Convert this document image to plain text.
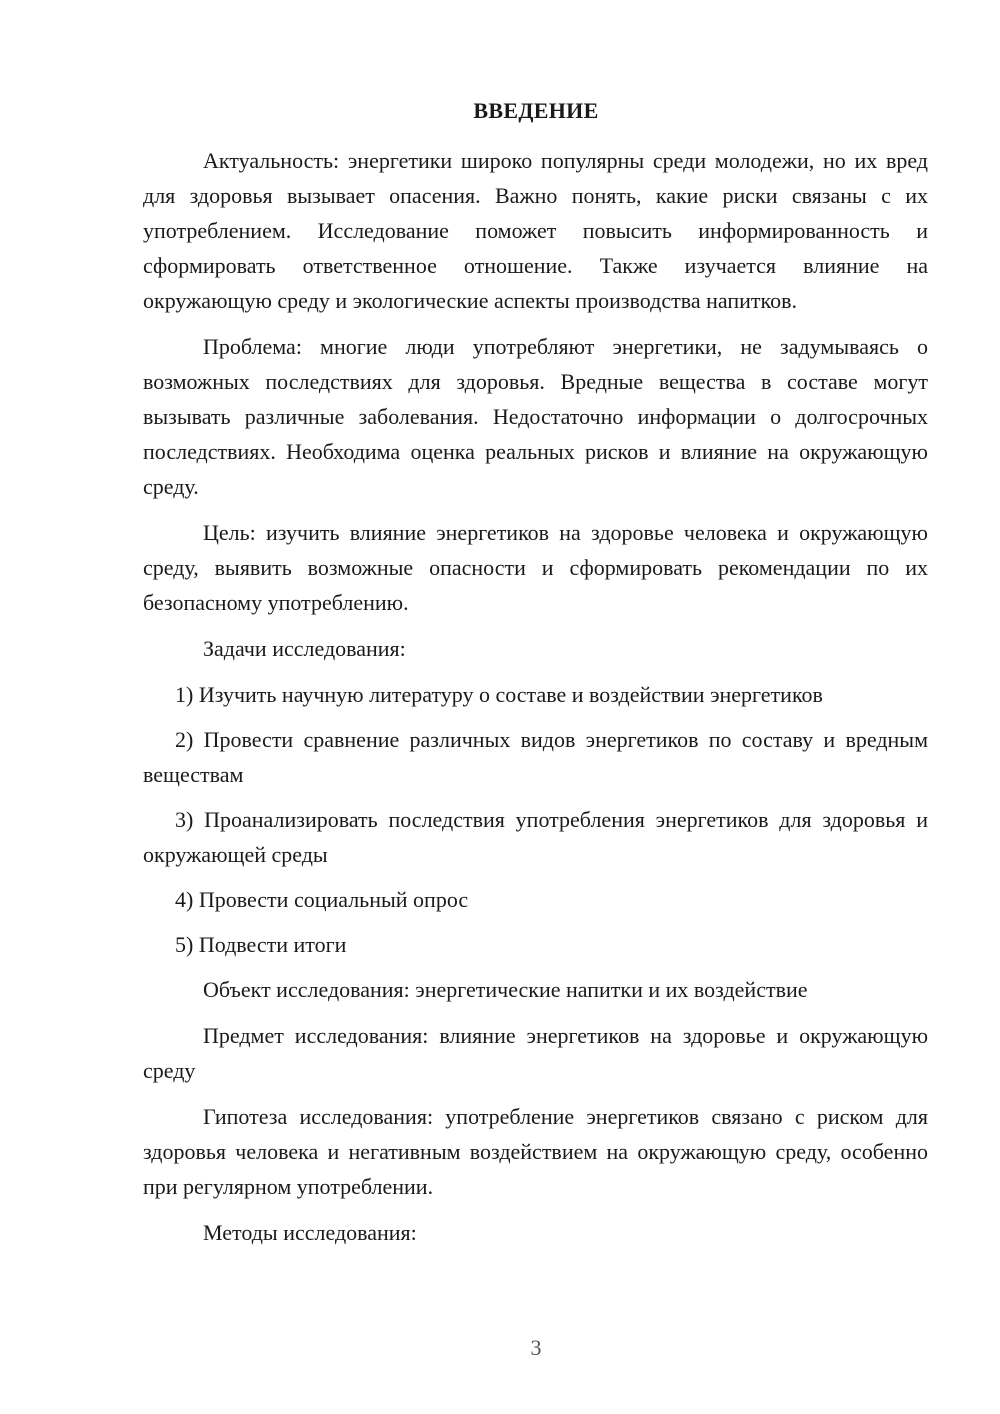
ВВЕДЕНИЕ

Актуальность: энергетики широко популярны среди молодежи, но их вред для здоровья вызывает опасения. Важно понять, какие риски связаны с их употреблением. Исследование поможет повысить информированность и сформировать ответственное отношение. Также изучается влияние на окружающую среду и экологические аспекты производства напитков.

Проблема: многие люди употребляют энергетики, не задумываясь о возможных последствиях для здоровья. Вредные вещества в составе могут вызывать различные заболевания. Недостаточно информации о долгосрочных последствиях. Необходима оценка реальных рисков и влияние на окружающую среду.

Цель: изучить влияние энергетиков на здоровье человека и окружающую среду, выявить возможные опасности и сформировать рекомендации по их безопасному употреблению.

Задачи исследования:

1) Изучить научную литературу о составе и воздействии энергетиков

2) Провести сравнение различных видов энергетиков по составу и вредным веществам

3) Проанализировать последствия употребления энергетиков для здоровья и окружающей среды

4) Провести социальный опрос

5) Подвести итоги

Объект исследования: энергетические напитки и их воздействие

Предмет исследования: влияние энергетиков на здоровье и окружающую среду

Гипотеза исследования: употребление энергетиков связано с риском для здоровья человека и негативным воздействием на окружающую среду, особенно при регулярном употреблении.

Методы исследования:

3
